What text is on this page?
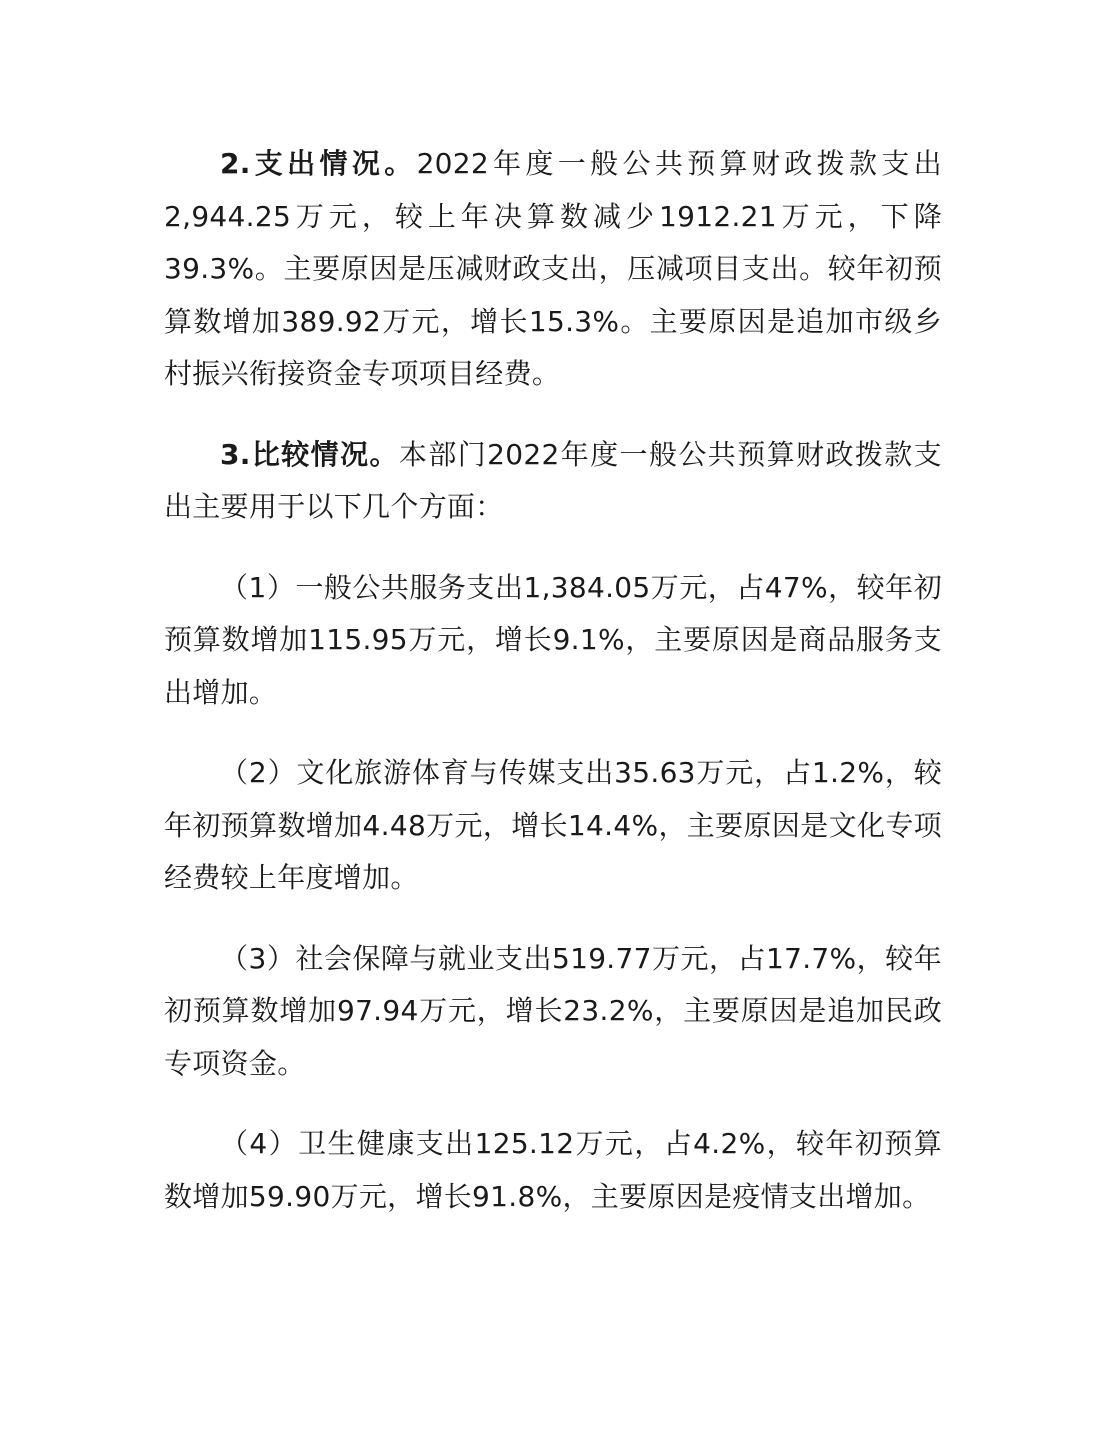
2.支出情况。2022年度一般公共预算财政拨款支出2,944.25万元，较上年决算数减少1912.21万元，下降39.3%。主要原因是压减财政支出，压减项目支出。较年初预算数增加389.92万元，增长15.3%。主要原因是追加市级乡村振兴衔接资金专项项目经费。

3.比较情况。本部门2022年度一般公共预算财政拨款支出主要用于以下几个方面：

（1）一般公共服务支出1,384.05万元，占47%，较年初预算数增加115.95万元，增长9.1%，主要原因是商品服务支出增加。

（2）文化旅游体育与传媒支出35.63万元，占1.2%，较年初预算数增加4.48万元，增长14.4%，主要原因是文化专项经费较上年度增加。

（3）社会保障与就业支出519.77万元，占17.7%，较年初预算数增加97.94万元，增长23.2%，主要原因是追加民政专项资金。

（4）卫生健康支出125.12万元，占4.2%，较年初预算数增加59.90万元，增长91.8%，主要原因是疫情支出增加。
